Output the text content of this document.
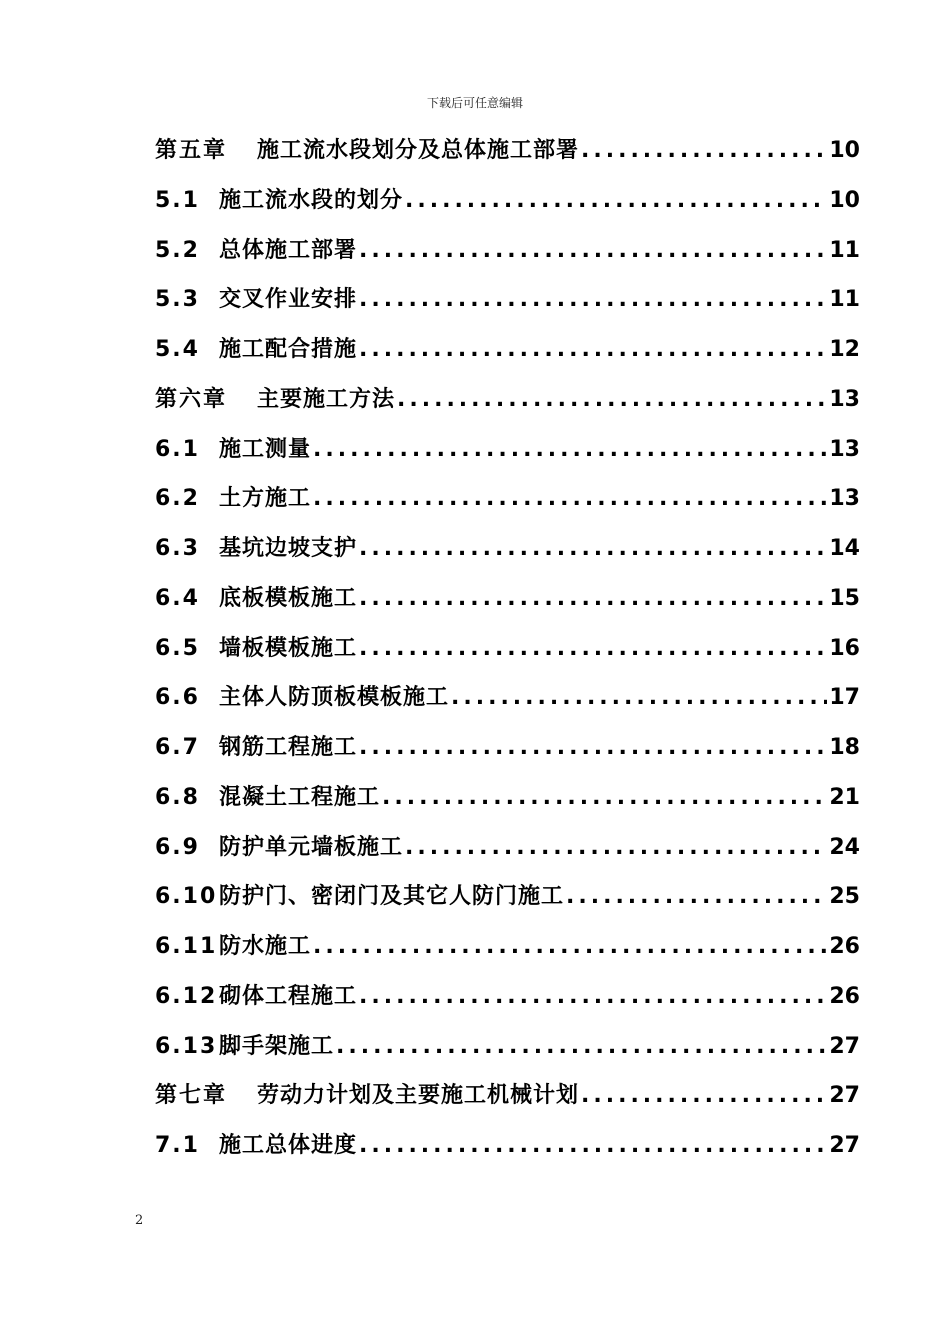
下载后可任意编辑

第五章	施工流水段划分及总体施工部署 .....	10
5.1 施工流水段的划分 .....	10
5.2 总体施工部署 .....	11
5.3 交叉作业安排 .....	11
5.4 施工配合措施 .....	12
第六章	主要施工方法 .....	13
6.1 施工测量 .....	13
6.2 土方施工 .....	13
6.3 基坑边坡支护 .....	14
6.4 底板模板施工 .....	15
6.5 墙板模板施工 .....	16
6.6 主体人防顶板模板施工 .....	17
6.7 钢筋工程施工 .....	18
6.8 混凝土工程施工 .....	21
6.9 防护单元墙板施工 .....	24
6.10 防护门、密闭门及其它人防门施工 .....	25
6.11 防水施工 .....	26
6.12 砌体工程施工 .....	26
6.13 脚手架施工 .....	27
第七章	劳动力计划及主要施工机械计划 .....	27
7.1 施工总体进度 .....	27

2
